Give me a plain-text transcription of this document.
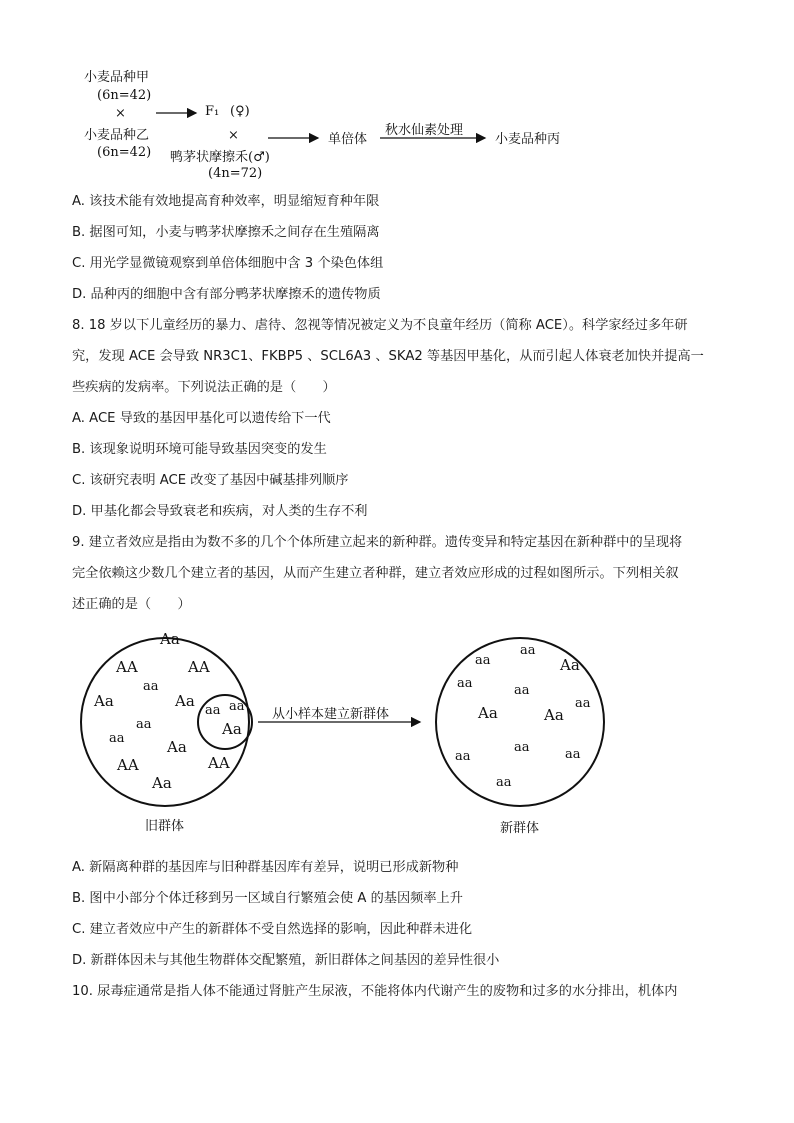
小麦品种甲
(6n=42)
×
小麦品种乙
(6n=42)
F₁ (♀)
×
鸭茅状摩擦禾(♂)
(4n=72)
单倍体
秋水仙素处理
小麦品种丙
A. 该技术能有效地提高育种效率，明显缩短育种年限
B. 据图可知，小麦与鸭茅状摩擦禾之间存在生殖隔离
C. 用光学显微镜观察到单倍体细胞中含 3 个染色体组
D. 品种丙的细胞中含有部分鸭茅状摩擦禾的遗传物质
8. 18 岁以下儿童经历的暴力、虐待、忽视等情况被定义为不良童年经历（简称 ACE）。科学家经过多年研
究，发现 ACE 会导致 NR3C1、FKBP5 、SCL6A3 、SKA2 等基因甲基化，从而引起人体衰老加快并提高一
些疾病的发病率。下列说法正确的是（　　）
A. ACE 导致的基因甲基化可以遗传给下一代
B. 该现象说明环境可能导致基因突变的发生
C. 该研究表明 ACE 改变了基因中碱基排列顺序
D. 甲基化都会导致衰老和疾病，对人类的生存不利
9. 建立者效应是指由为数不多的几个个体所建立起来的新种群。遗传变异和特定基因在新种群中的呈现将
完全依赖这少数几个建立者的基因，从而产生建立者种群，建立者效应形成的过程如图所示。下列相关叙
述正确的是（　　）
从小样本建立新群体
旧群体	新群体
Aa
AA	AA
aa
Aa	Aa
aa
aa	Aa
AA	AA
Aa
aa aa
Aa
aa
aa
Aa
aa	aa
aa
Aa	Aa
aa
aa	aa
aa
A. 新隔离种群的基因库与旧种群基因库有差异，说明已形成新物种
B. 图中小部分个体迁移到另一区域自行繁殖会使 A 的基因频率上升
C. 建立者效应中产生的新群体不受自然选择的影响，因此种群未进化
D. 新群体因未与其他生物群体交配繁殖，新旧群体之间基因的差异性很小
10. 尿毒症通常是指人体不能通过肾脏产生尿液，不能将体内代谢产生的废物和过多的水分排出，机体内
